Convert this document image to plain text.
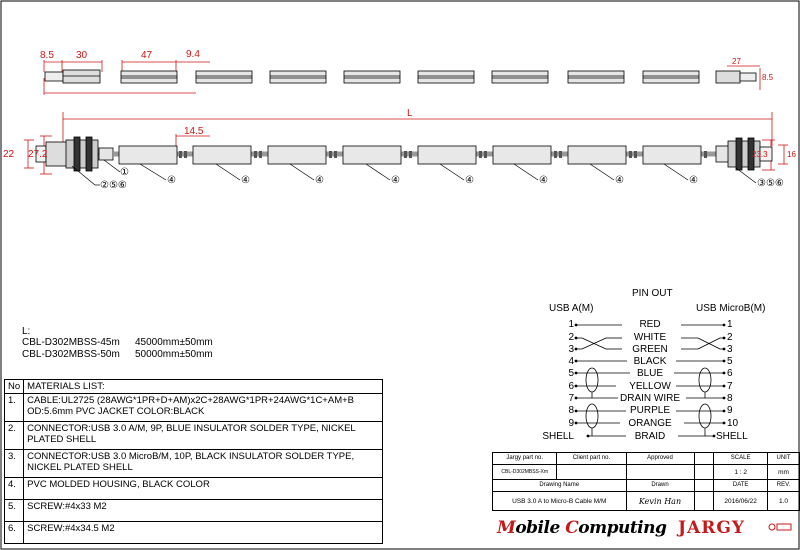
8.5 30	47	9.4
27
8.5
L
14.5
22 27.2	23.3 16
②⑤⑥
①
④	④	④	④	④	④	④	④	③⑤⑥
L:
CBL-D302MBSS-45m 45000mm±50mm
CBL-D302MBSS-50m 50000mm±50mm
No	MATERIALS LIST:
1.	CABLE:UL2725 (28AWG*1PR+D+AM)x2C+28AWG*1PR+24AWG*1C+AM+B OD:5.6mm PVC JACKET COLOR:BLACK
2.	CONNECTOR:USB 3.0 A/M, 9P, BLUE INSULATOR SOLDER TYPE, NICKEL PLATED SHELL
3.	CONNECTOR:USB 3.0 MicroB/M, 10P, BLACK INSULATOR SOLDER TYPE, NICKEL PLATED SHELL
4.	PVC MOLDED HOUSING, BLACK COLOR
5.	SCREW:#4x33 M2
6.	SCREW:#4x34.5 M2
PIN OUT
USB A(M)	USB MicroB(M)
1	RED	1
2	WHITE	2
3	GREEN	3
4	BLACK	5
5	BLUE	6
6	YELLOW	7
7	DRAIN WIRE	8
8	PURPLE	9
9	ORANGE	10
SHELL	BRAID	SHELL
Jargy part no.	Client part no.	Approved		SCALE	UNIT
CBL-D302MBSS-Xm				1 : 2	mm
Drawing Name		Drawn		DATE	REV.
USB 3.0 A to Micro-B Cable M/M		Kevin Han		2016/06/22	1.0
Mobile Computing JARGY
